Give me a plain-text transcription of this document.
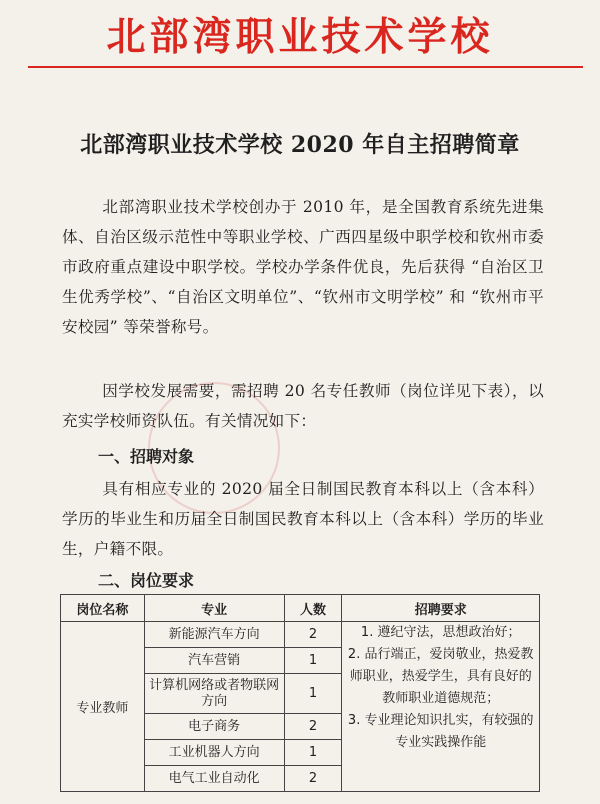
北部湾职业技术学校
北部湾职业技术学校 2020 年自主招聘简章

北部湾职业技术学校创办于 2010 年，是全国教育系统先进集体、自治区级示范性中等职业学校、广西四星级中职学校和钦州市委市政府重点建设中职学校。学校办学条件优良，先后获得 “自治区卫生优秀学校”、“自治区文明单位”、“钦州市文明学校” 和 “钦州市平安校园” 等荣誉称号。

因学校发展需要，需招聘 20 名专任教师（岗位详见下表），以充实学校师资队伍。有关情况如下：

一、招聘对象

具有相应专业的 2020 届全日制国民教育本科以上（含本科）学历的毕业生和历届全日制国民教育本科以上（含本科）学历的毕业生，户籍不限。

二、岗位要求
岗位名称	专业	人数	招聘要求
专业教师	新能源汽车方向	2	1. 遵纪守法，思想政治好；
2. 品行端正，爱岗敬业，热爱教师职业，热爱学生，具有良好的教师职业道德规范；
3. 专业理论知识扎实，有较强的专业实践操作能

	汽车营销	1	
	计算机网络或者物联网方向	1	
	电子商务	2	
	工业机器人方向	1	
	电气工业自动化	2	
